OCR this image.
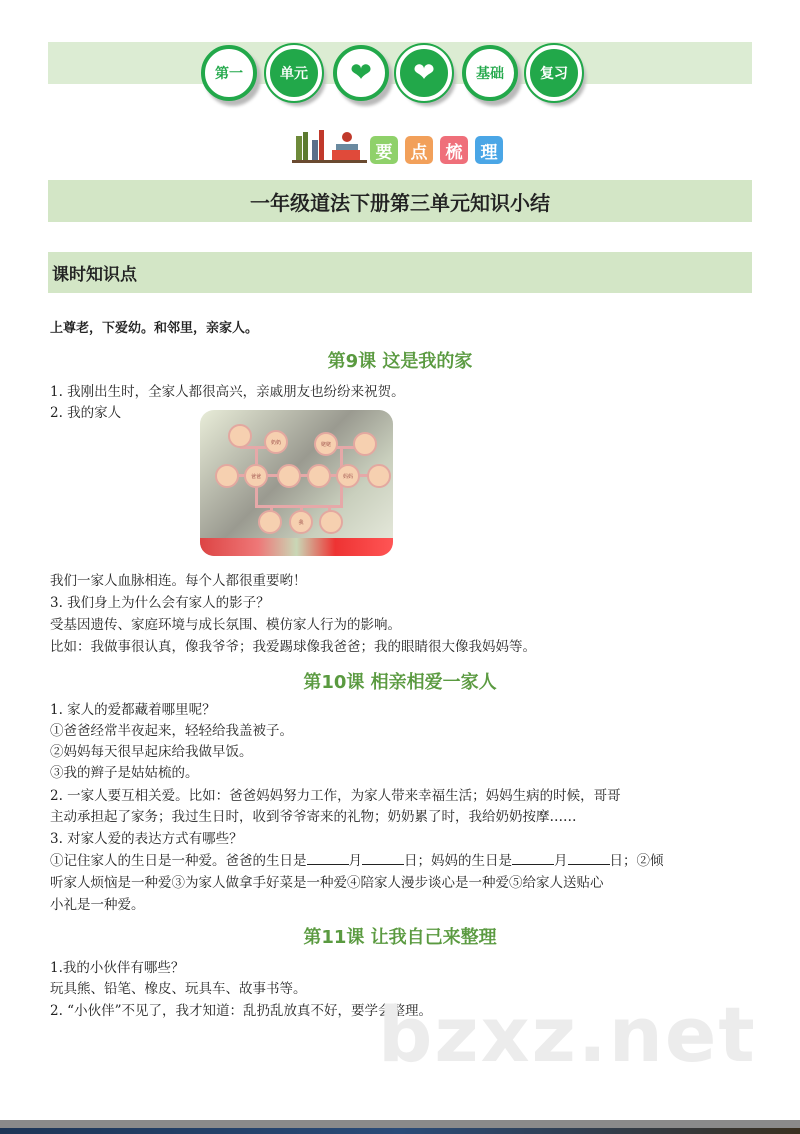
第一	单元	❤	❤	基础	复习
要	点	梳	理
一年级道法下册第三单元知识小结
课时知识点
上尊老，下爱幼。和邻里，亲家人。
第9课 这是我的家
1. 我刚出生时，全家人都很高兴，亲戚朋友也纷纷来祝贺。
2. 我的家人
奶奶	姥姥
爸爸	妈妈
我
我们一家人血脉相连。每个人都很重要哟！
3. 我们身上为什么会有家人的影子？
受基因遗传、家庭环境与成长氛围、模仿家人行为的影响。
比如：我做事很认真，像我爷爷；我爱踢球像我爸爸；我的眼睛很大像我妈妈等。
第10课 相亲相爱一家人
1. 家人的爱都藏着哪里呢？
①爸爸经常半夜起来，轻轻给我盖被子。
②妈妈每天很早起床给我做早饭。
③我的辫子是姑姑梳的。
2. 一家人要互相关爱。比如：爸爸妈妈努力工作，为家人带来幸福生活；妈妈生病的时候，哥哥
主动承担起了家务；我过生日时，收到爷爷寄来的礼物；奶奶累了时，我给奶奶按摩……
3. 对家人爱的表达方式有哪些？
①记住家人的生日是一种爱。爸爸的生日是	月	日；妈妈的生日是	月	日；②倾
听家人烦恼是一种爱③为家人做拿手好菜是一种爱④陪家人漫步谈心是一种爱⑤给家人送贴心
小礼是一种爱。
第11课 让我自己来整理
1.我的小伙伴有哪些？
玩具熊、铅笔、橡皮、玩具车、故事书等。
2. “小伙伴”不见了，我才知道：乱扔乱放真不好，要学会整理。
bzxz.net
